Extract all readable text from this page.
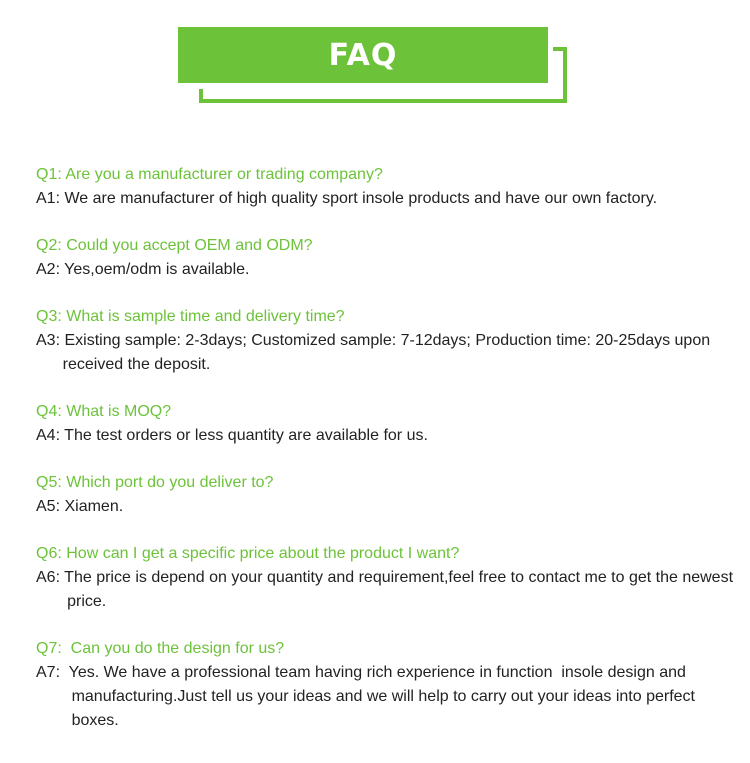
FAQ
Q1: Are you a manufacturer or trading company?
A1: We are manufacturer of high quality sport insole products and have our own factory.
Q2: Could you accept OEM and ODM?
A2: Yes,oem/odm is available.
Q3: What is sample time and delivery time?
A3: Existing sample: 2-3days; Customized sample: 7-12days; Production time: 20-25days upon
received the deposit.
Q4: What is MOQ?
A4: The test orders or less quantity are available for us.
Q5: Which port do you deliver to?
A5: Xiamen.
Q6: How can I get a specific price about the product I want?
A6: The price is depend on your quantity and requirement,feel free to contact me to get the newest
price.
Q7:  Can you do the design for us?
A7:  Yes. We have a professional team having rich experience in function  insole design and
manufacturing.Just tell us your ideas and we will help to carry out your ideas into perfect
boxes.
